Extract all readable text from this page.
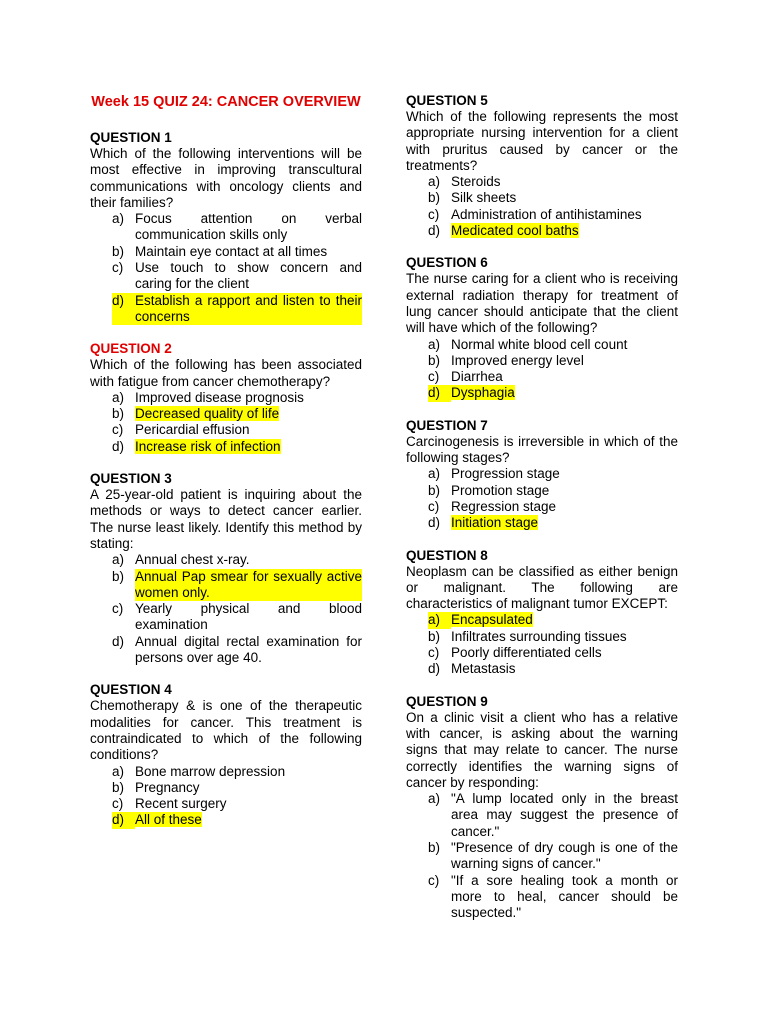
Week 15 QUIZ 24: CANCER OVERVIEW

QUESTION 1

Which of the following interventions will be most effective in improving transcultural communications with oncology clients and their families?

a) Focus attention on verbal communication skills only
b) Maintain eye contact at all times
c) Use touch to show concern and caring for the client
d) Establish a rapport and listen to their concerns

QUESTION 2

Which of the following has been associated with fatigue from cancer chemotherapy?

a) Improved disease prognosis
b) Decreased quality of life
c) Pericardial effusion
d) Increase risk of infection

QUESTION 3

A 25-year-old patient is inquiring about the methods or ways to detect cancer earlier. The nurse least likely. Identify this method by stating:

a) Annual chest x-ray.
b) Annual Pap smear for sexually active women only.
c) Yearly physical and blood examination
d) Annual digital rectal examination for persons over age 40.

QUESTION 4

Chemotherapy & is one of the therapeutic modalities for cancer. This treatment is contraindicated to which of the following conditions?

a) Bone marrow depression
b) Pregnancy
c) Recent surgery
d) All of these

QUESTION 5

Which of the following represents the most appropriate nursing intervention for a client with pruritus caused by cancer or the treatments?

a) Steroids
b) Silk sheets
c) Administration of antihistamines
d) Medicated cool baths

QUESTION 6

The nurse caring for a client who is receiving external radiation therapy for treatment of lung cancer should anticipate that the client will have which of the following?

a) Normal white blood cell count
b) Improved energy level
c) Diarrhea
d) Dysphagia

QUESTION 7

Carcinogenesis is irreversible in which of the following stages?

a) Progression stage
b) Promotion stage
c) Regression stage
d) Initiation stage

QUESTION 8

Neoplasm can be classified as either benign or malignant. The following are characteristics of malignant tumor EXCEPT:

a) Encapsulated
b) Infiltrates surrounding tissues
c) Poorly differentiated cells
d) Metastasis

QUESTION 9

On a clinic visit a client who has a relative with cancer, is asking about the warning signs that may relate to cancer. The nurse correctly identifies the warning signs of cancer by responding:

a) "A lump located only in the breast area may suggest the presence of cancer."
b) "Presence of dry cough is one of the warning signs of cancer."
c) "If a sore healing took a month or more to heal, cancer should be suspected."
